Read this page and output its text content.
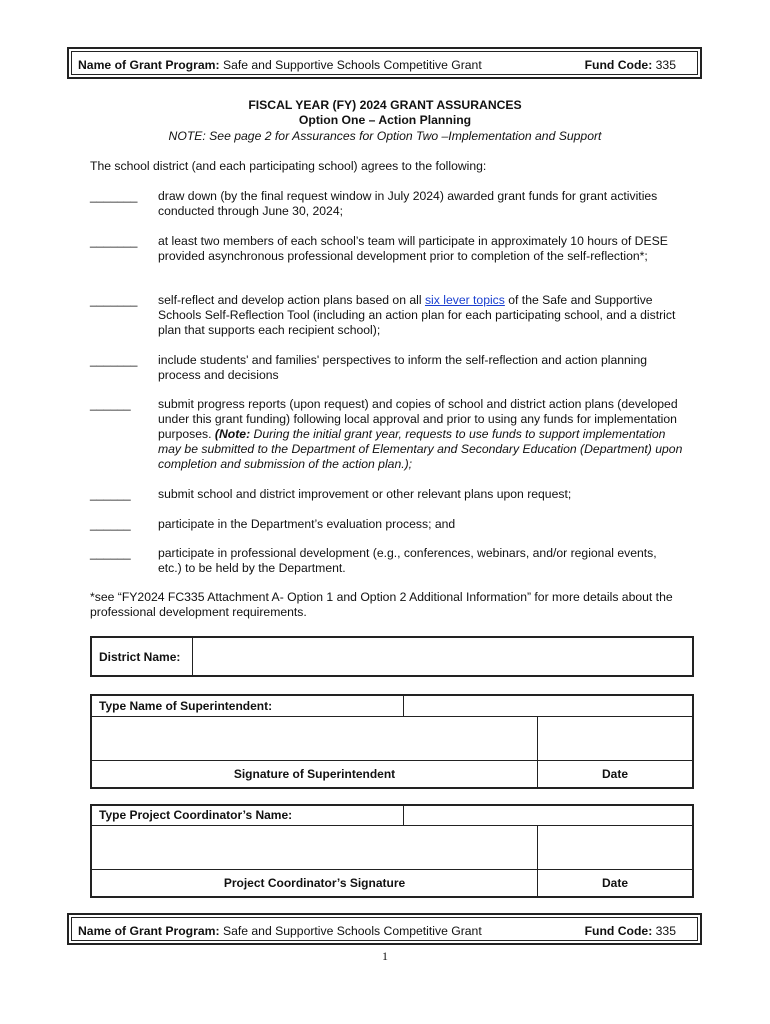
Name of Grant Program: Safe and Supportive Schools Competitive Grant	Fund Code: 335
FISCAL YEAR (FY) 2024 GRANT ASSURANCES
Option One – Action Planning
NOTE: See page 2 for Assurances for Option Two –Implementation and Support
The school district (and each participating school) agrees to the following:
_______ draw down (by the final request window in July 2024) awarded grant funds for grant activities conducted through June 30, 2024;
_______ at least two members of each school’s team will participate in approximately 10 hours of DESE provided asynchronous professional development prior to completion of the self-reflection*;
_______ self-reflect and develop action plans based on all six lever topics of the Safe and Supportive Schools Self-Reflection Tool (including an action plan for each participating school, and a district plan that supports each recipient school);
_______ include students' and families' perspectives to inform the self-reflection and action planning process and decisions
______ submit progress reports (upon request) and copies of school and district action plans (developed under this grant funding) following local approval and prior to using any funds for implementation purposes. (Note: During the initial grant year, requests to use funds to support implementation may be submitted to the Department of Elementary and Secondary Education (Department) upon completion and submission of the action plan.);
______ submit school and district improvement or other relevant plans upon request;
______ participate in the Department’s evaluation process; and
______ participate in professional development (e.g., conferences, webinars, and/or regional events, etc.) to be held by the Department.
*see “FY2024 FC335 Attachment A- Option 1 and Option 2 Additional Information” for more details about the professional development requirements.
District Name:	
Type Name of Superintendent:		

Signature of Superintendent		Date
Type Project Coordinator’s Name:		

Project Coordinator’s Signature		Date
Name of Grant Program: Safe and Supportive Schools Competitive Grant	Fund Code: 335
1
